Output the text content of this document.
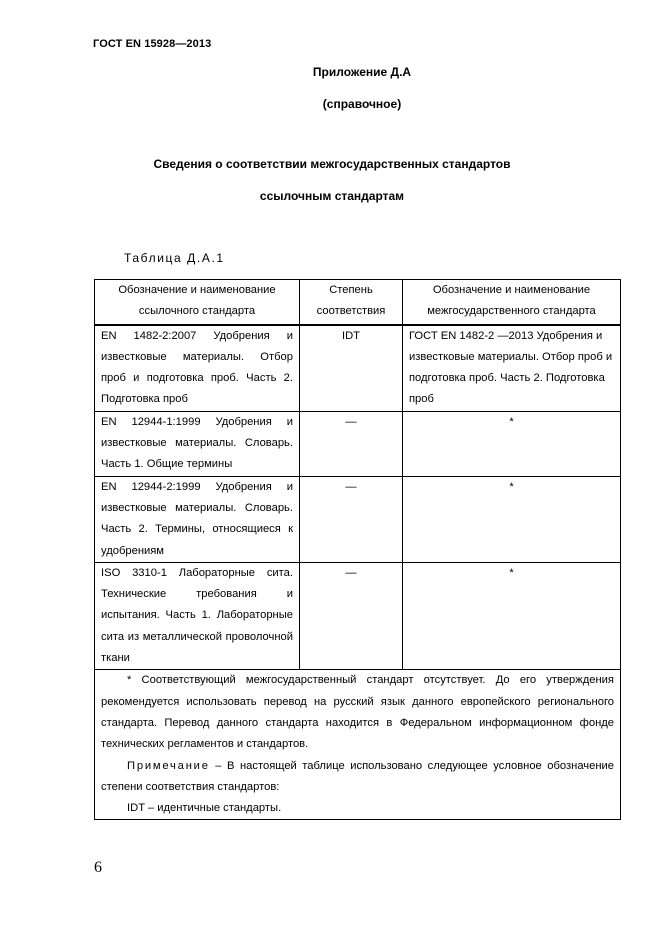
ГОСТ EN 15928—2013
Приложение Д.А
(справочное)
Сведения о соответствии межгосударственных стандартов
ссылочным стандартам
Таблица Д.А.1
Обозначение и наименование ссылочного стандарта	Степень соответствия	Обозначение и наименование межгосударственного стандарта
EN 1482-2:2007 Удобрения и известковые материалы. Отбор проб и подготовка проб. Часть 2. Подготовка проб	IDT	ГОСТ EN 1482-2 —2013 Удобрения и известковые материалы. Отбор проб и подготовка проб. Часть 2. Подготовка проб
EN 12944-1:1999 Удобрения и известковые материалы. Словарь. Часть 1. Общие термины	—	*
EN 12944-2:1999 Удобрения и известковые материалы. Словарь. Часть 2. Термины, относящиеся к удобрениям	—	*
ISO 3310-1 Лабораторные сита. Технические требования и испытания. Часть 1. Лабораторные сита из металлической проволочной ткани	—	*

* Соответствующий межгосударственный стандарт отсутствует. До его утверждения рекомендуется использовать перевод на русский язык данного европейского регионального стандарта. Перевод данного стандарта находится в Федеральном информационном фонде технических регламентов и стандартов.

Примечание – В настоящей таблице использовано следующее условное обозначение степени соответствия стандартов:

IDT – идентичные стандарты.		

6
